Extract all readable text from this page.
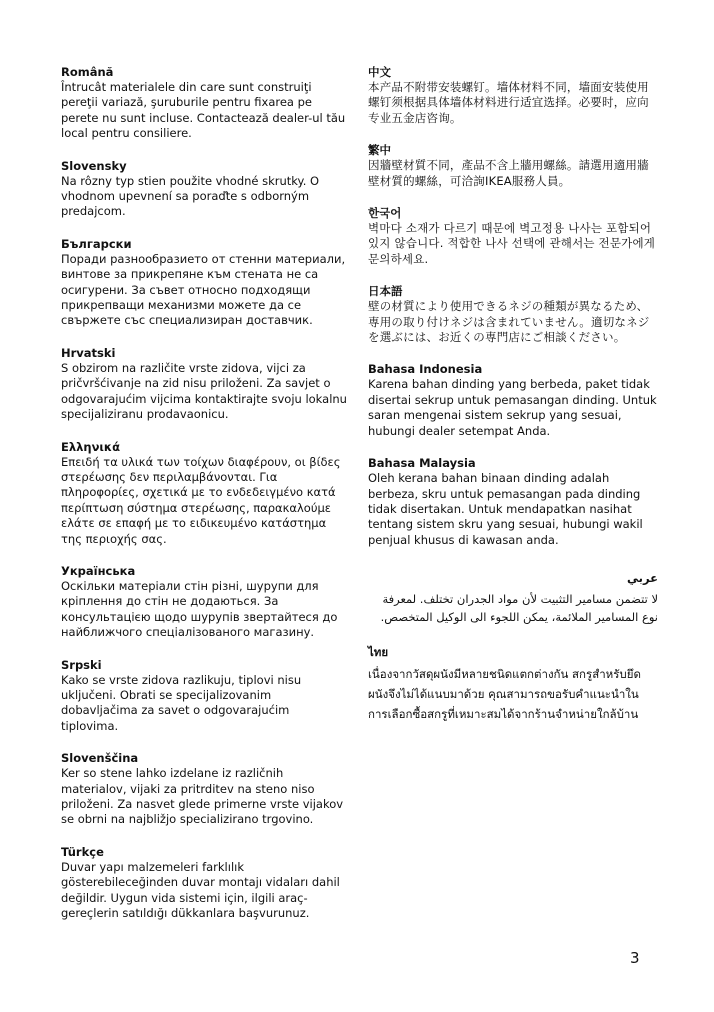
Română

Întrucât materialele din care sunt construiţi pereţii variază, şuruburile pentru fixarea pe perete nu sunt incluse. Contactează dealer-ul tău local pentru consiliere.

Slovensky

Na rôzny typ stien použite vhodné skrutky. O vhodnom upevnení sa poraďte s odborným predajcom.

Български

Поради разнообразието от стенни материали, винтове за прикрепяне към стената не са осигурени. За съвет относно подходящи прикрепващи механизми можете да се свържете със специализиран доставчик.

Hrvatski

S obzirom na različite vrste zidova, vijci za pričvršćivanje na zid nisu priloženi. Za savjet o odgovarajućim vijcima kontaktirajte svoju lokalnu specijaliziranu prodavaonicu.

Ελληνικά

Επειδή τα υλικά των τοίχων διαφέρουν, οι βίδες στερέωσης δεν περιλαμβάνονται. Για πληροφορίες, σχετικά με το ενδεδειγμένο κατά περίπτωση σύστημα στερέωσης, παρακαλούμε ελάτε σε επαφή με το ειδικευμένο κατάστημα της περιοχής σας.

Українська

Оскільки матеріали стін різні, шурупи для кріплення до стін не додаються. За консультацією щодо шурупів звертайтеся до найближчого спеціалізованого магазину.

Srpski

Kako se vrste zidova razlikuju, tiplovi nisu uključeni. Obrati se specijalizovanim dobavljačima za savet o odgovarajućim tiplovima.

Slovenščina

Ker so stene lahko izdelane iz različnih materialov, vijaki za pritrditev na steno niso priloženi. Za nasvet glede primerne vrste vijakov se obrni na najbližjo specializirano trgovino.

Türkçe

Duvar yapı malzemeleri farklılık gösterebileceğinden duvar montajı vidaları dahil değildir. Uygun vida sistemi için, ilgili araç-gereçlerin satıldığı dükkanlara başvurunuz.

中文

本产品不附带安装螺钉。墙体材料不同，墙面安装使用螺钉须根据具体墙体材料进行适宜选择。必要时，应向专业五金店咨询。

繁中

因牆壁材質不同，產品不含上牆用螺絲。請選用適用牆壁材質的螺絲，可洽詢IKEA服務人員。

한국어

벽마다 소재가 다르기 때문에 벽고정용 나사는 포함되어 있지 않습니다. 적합한 나사 선택에 관해서는 전문가에게 문의하세요.

日本語

壁の材質により使用できるネジの種類が異なるため、専用の取り付けネジは含まれていません。適切なネジを選ぶには、お近くの専門店にご相談ください。

Bahasa Indonesia

Karena bahan dinding yang berbeda, paket tidak disertai sekrup untuk pemasangan dinding. Untuk saran mengenai sistem sekrup yang sesuai, hubungi dealer setempat Anda.

Bahasa Malaysia

Oleh kerana bahan binaan dinding adalah berbeza, skru untuk pemasangan pada dinding tidak disertakan. Untuk mendapatkan nasihat tentang sistem skru yang sesuai, hubungi wakil penjual khusus di kawasan anda.

عربي

لا تتضمن مسامير التثبيت لأن مواد الجدران تختلف. لمعرفة نوع المسامير الملائمة، يمكن اللجوء الى الوكيل المتخصص.

ไทย

เนื่องจากวัสดุผนังมีหลายชนิดแตกต่างกัน สกรูสำหรับยึดผนังจึงไม่ได้แนบมาด้วย คุณสามารถขอรับคำแนะนำในการเลือกซื้อสกรูที่เหมาะสมได้จากร้านจำหน่ายใกล้บ้าน

3
